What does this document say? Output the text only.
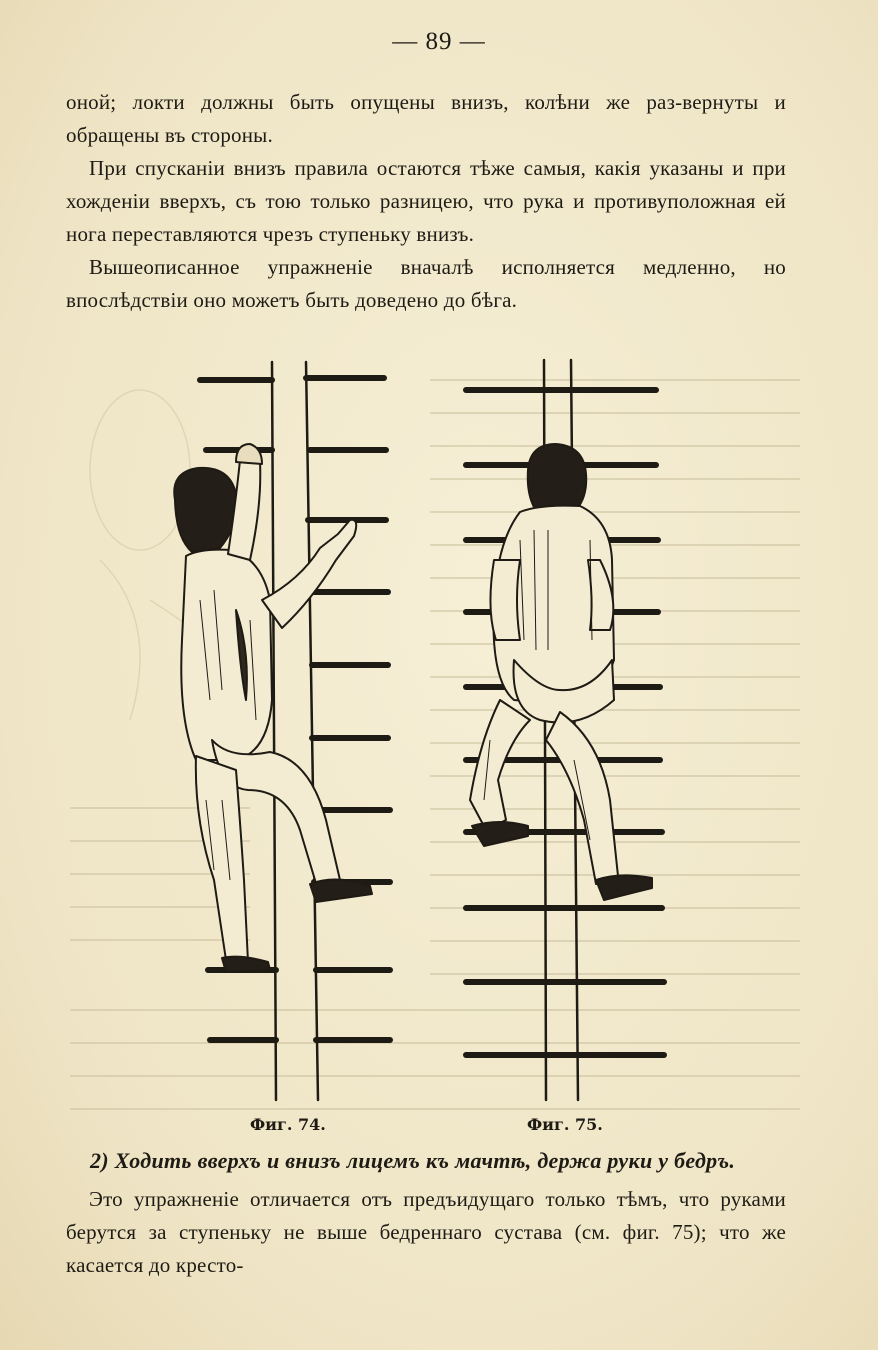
— 89 —

оной; локти должны быть опущены внизъ, колѣни же раз-вернуты и обращены въ стороны.

При спусканіи внизъ правила остаются тѣже самыя, какія указаны и при хожденіи вверхъ, съ тою только разницею, что рука и противуположная ей нога переставляются чрезъ ступеньку внизъ.

Вышеописанное упражненіе вначалѣ исполняется медленно, но впослѣдствіи оно можетъ быть доведено до бѣга.

Фиг. 74.	Фиг. 75.
2) Ходить вверхъ и внизъ лицемъ къ мачтѣ, держа руки у бедръ.

Это упражненіе отличается отъ предъидущаго только тѣмъ, что руками берутся за ступеньку не выше бедреннаго сустава (см. фиг. 75); что же касается до кресто-
